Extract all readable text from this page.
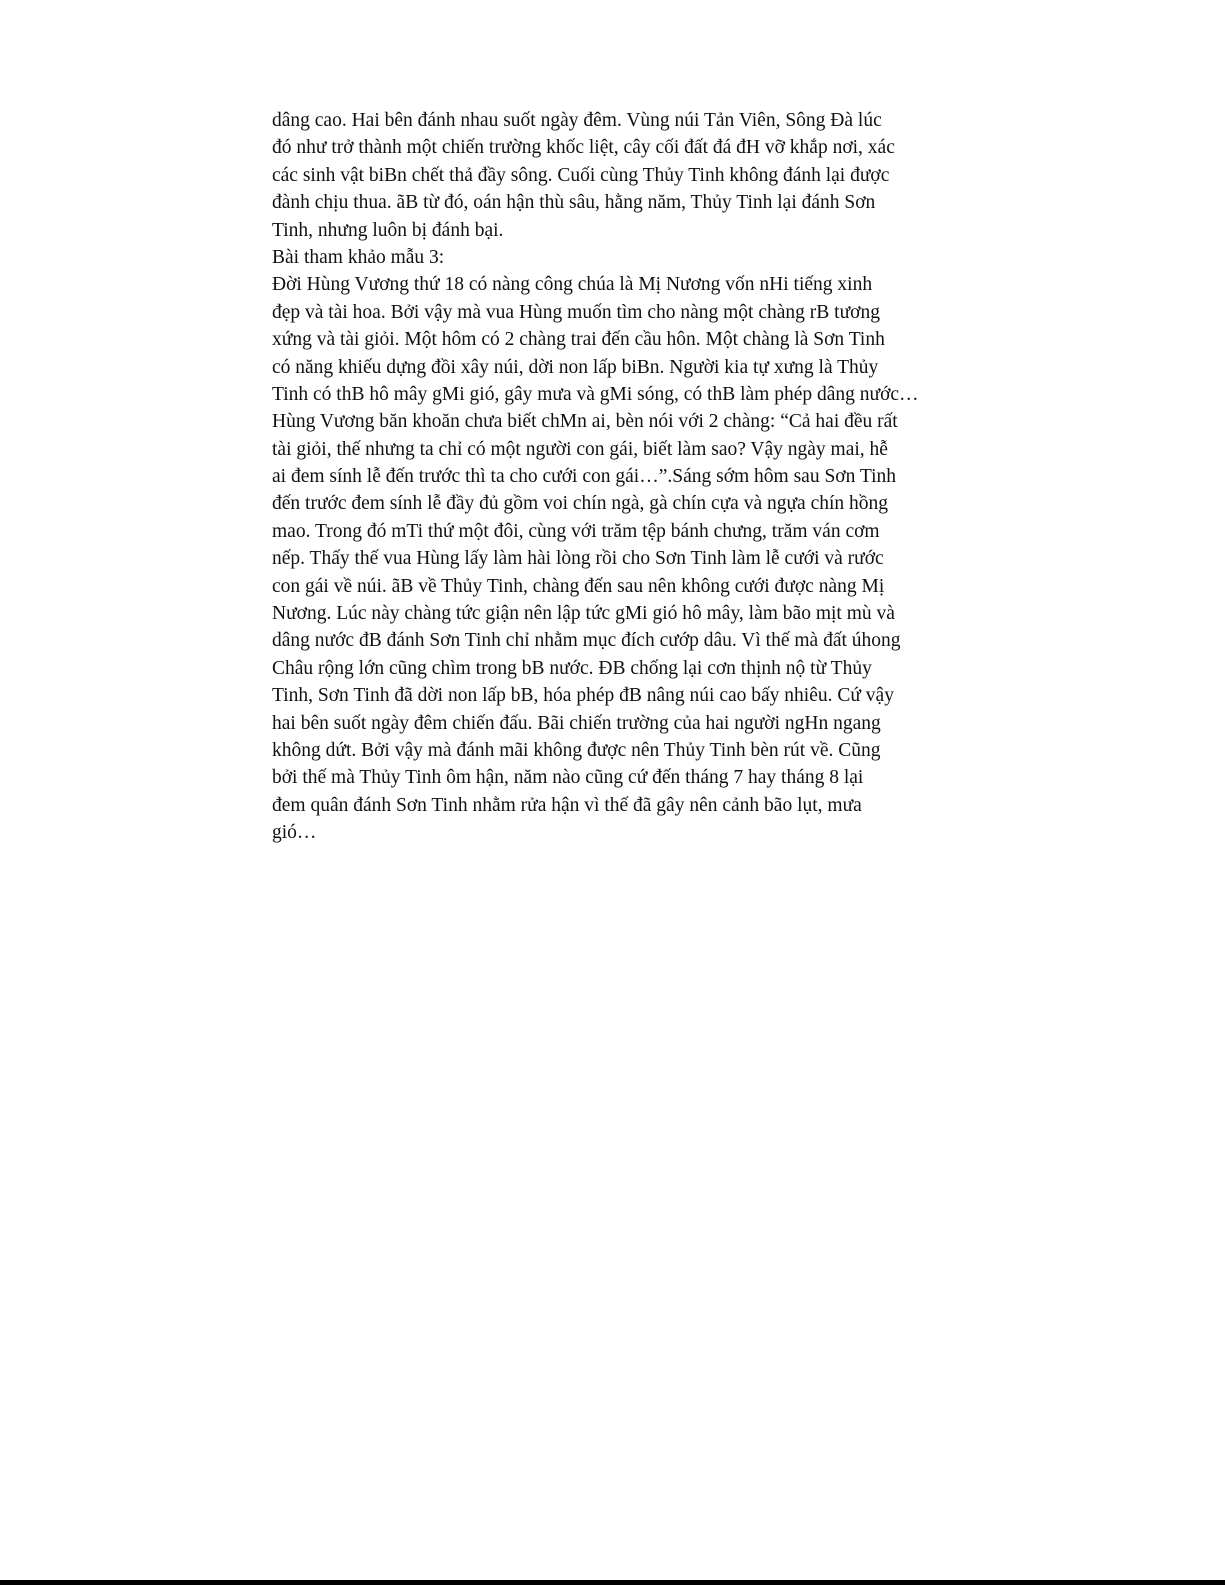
dâng cao. Hai bên đánh nhau suốt ngày đêm. Vùng núi Tản Viên, Sông Đà lúc
đó như trở thành một chiến trường khốc liệt, cây cối đất đá đH vỡ khắp nơi, xác
các sinh vật biBn chết thả đầy sông. Cuối cùng Thủy Tinh không đánh lại được
đành chịu thua. ãB từ đó, oán hận thù sâu, hằng năm, Thủy Tinh lại đánh Sơn
Tinh, nhưng luôn bị đánh bại.
Bài tham khảo mẫu 3:
Đời Hùng Vương thứ 18 có nàng công chúa là Mị Nương vốn nHi tiếng xinh
đẹp và tài hoa. Bởi vậy mà vua Hùng muốn tìm cho nàng một chàng rB tương
xứng và tài giỏi. Một hôm có 2 chàng trai đến cầu hôn. Một chàng là Sơn Tinh
có năng khiếu dựng đồi xây núi, dời non lấp biBn. Người kia tự xưng là Thủy
Tinh có thB hô mây gMi gió, gây mưa và gMi sóng, có thB làm phép dâng nước…
Hùng Vương băn khoăn chưa biết chMn ai, bèn nói với 2 chàng: “Cả hai đều rất
tài giỏi, thế nhưng ta chỉ có một người con gái, biết làm sao? Vậy ngày mai, hễ
ai đem sính lễ đến trước thì ta cho cưới con gái…”.Sáng sớm hôm sau Sơn Tinh
đến trước đem sính lễ đầy đủ gồm voi chín ngà, gà chín cựa và ngựa chín hồng
mao. Trong đó mTi thứ một đôi, cùng với trăm tệp bánh chưng, trăm ván cơm
nếp. Thấy thế vua Hùng lấy làm hài lòng rồi cho Sơn Tinh làm lễ cưới và rước
con gái về núi. ãB về Thủy Tinh, chàng đến sau nên không cưới được nàng Mị
Nương. Lúc này chàng tức giận nên lập tức gMi gió hô mây, làm bão mịt mù và
dâng nước đB đánh Sơn Tinh chỉ nhằm mục đích cướp dâu. Vì thế mà đất úhong
Châu rộng lớn cũng chìm trong bB nước. ĐB chống lại cơn thịnh nộ từ Thủy
Tinh, Sơn Tinh đã dời non lấp bB, hóa phép đB nâng núi cao bấy nhiêu. Cứ vậy
hai bên suốt ngày đêm chiến đấu. Bãi chiến trường của hai người ngHn ngang
không dứt. Bởi vậy mà đánh mãi không được nên Thủy Tinh bèn rút về. Cũng
bởi thế mà Thủy Tinh ôm hận, năm nào cũng cứ đến tháng 7 hay tháng 8 lại
đem quân đánh Sơn Tinh nhằm rửa hận vì thế đã gây nên cảnh bão lụt, mưa
gió…
